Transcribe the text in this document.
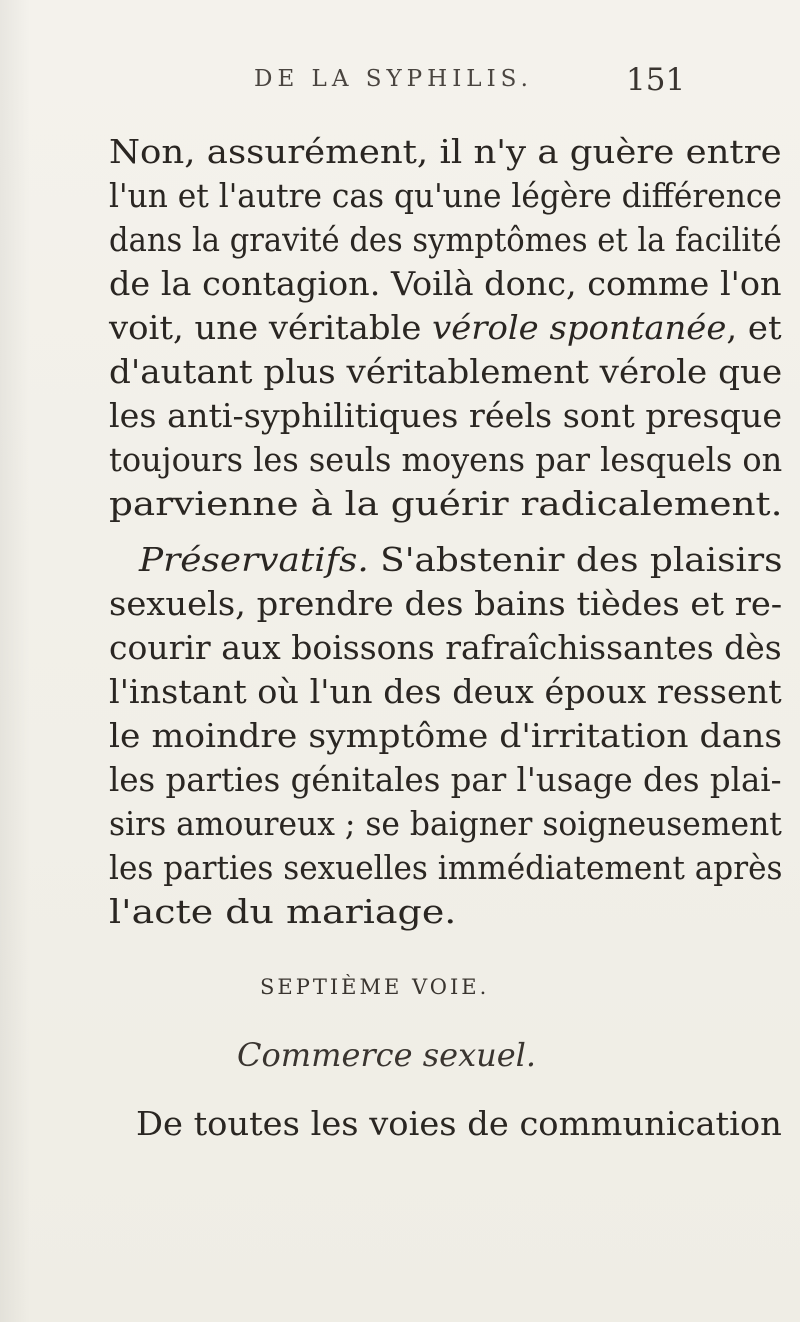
DE LA SYPHILIS.	151
Non, assurément, il n'y a guère entre
l'un et l'autre cas qu'une légère différence
dans la gravité des symptômes et la facilité
de la contagion. Voilà donc, comme l'on
voit, une véritable vérole spontanée, et
d'autant plus véritablement vérole que
les anti-syphilitiques réels sont presque
toujours les seuls moyens par lesquels on
parvienne à la guérir radicalement.
Préservatifs. S'abstenir des plaisirs
sexuels, prendre des bains tièdes et re-
courir aux boissons rafraîchissantes dès
l'instant où l'un des deux époux ressent
le moindre symptôme d'irritation dans
les parties génitales par l'usage des plai-
sirs amoureux ; se baigner soigneusement
les parties sexuelles immédiatement après
l'acte du mariage.
SEPTIÈME VOIE.
Commerce sexuel.
De toutes les voies de communication
